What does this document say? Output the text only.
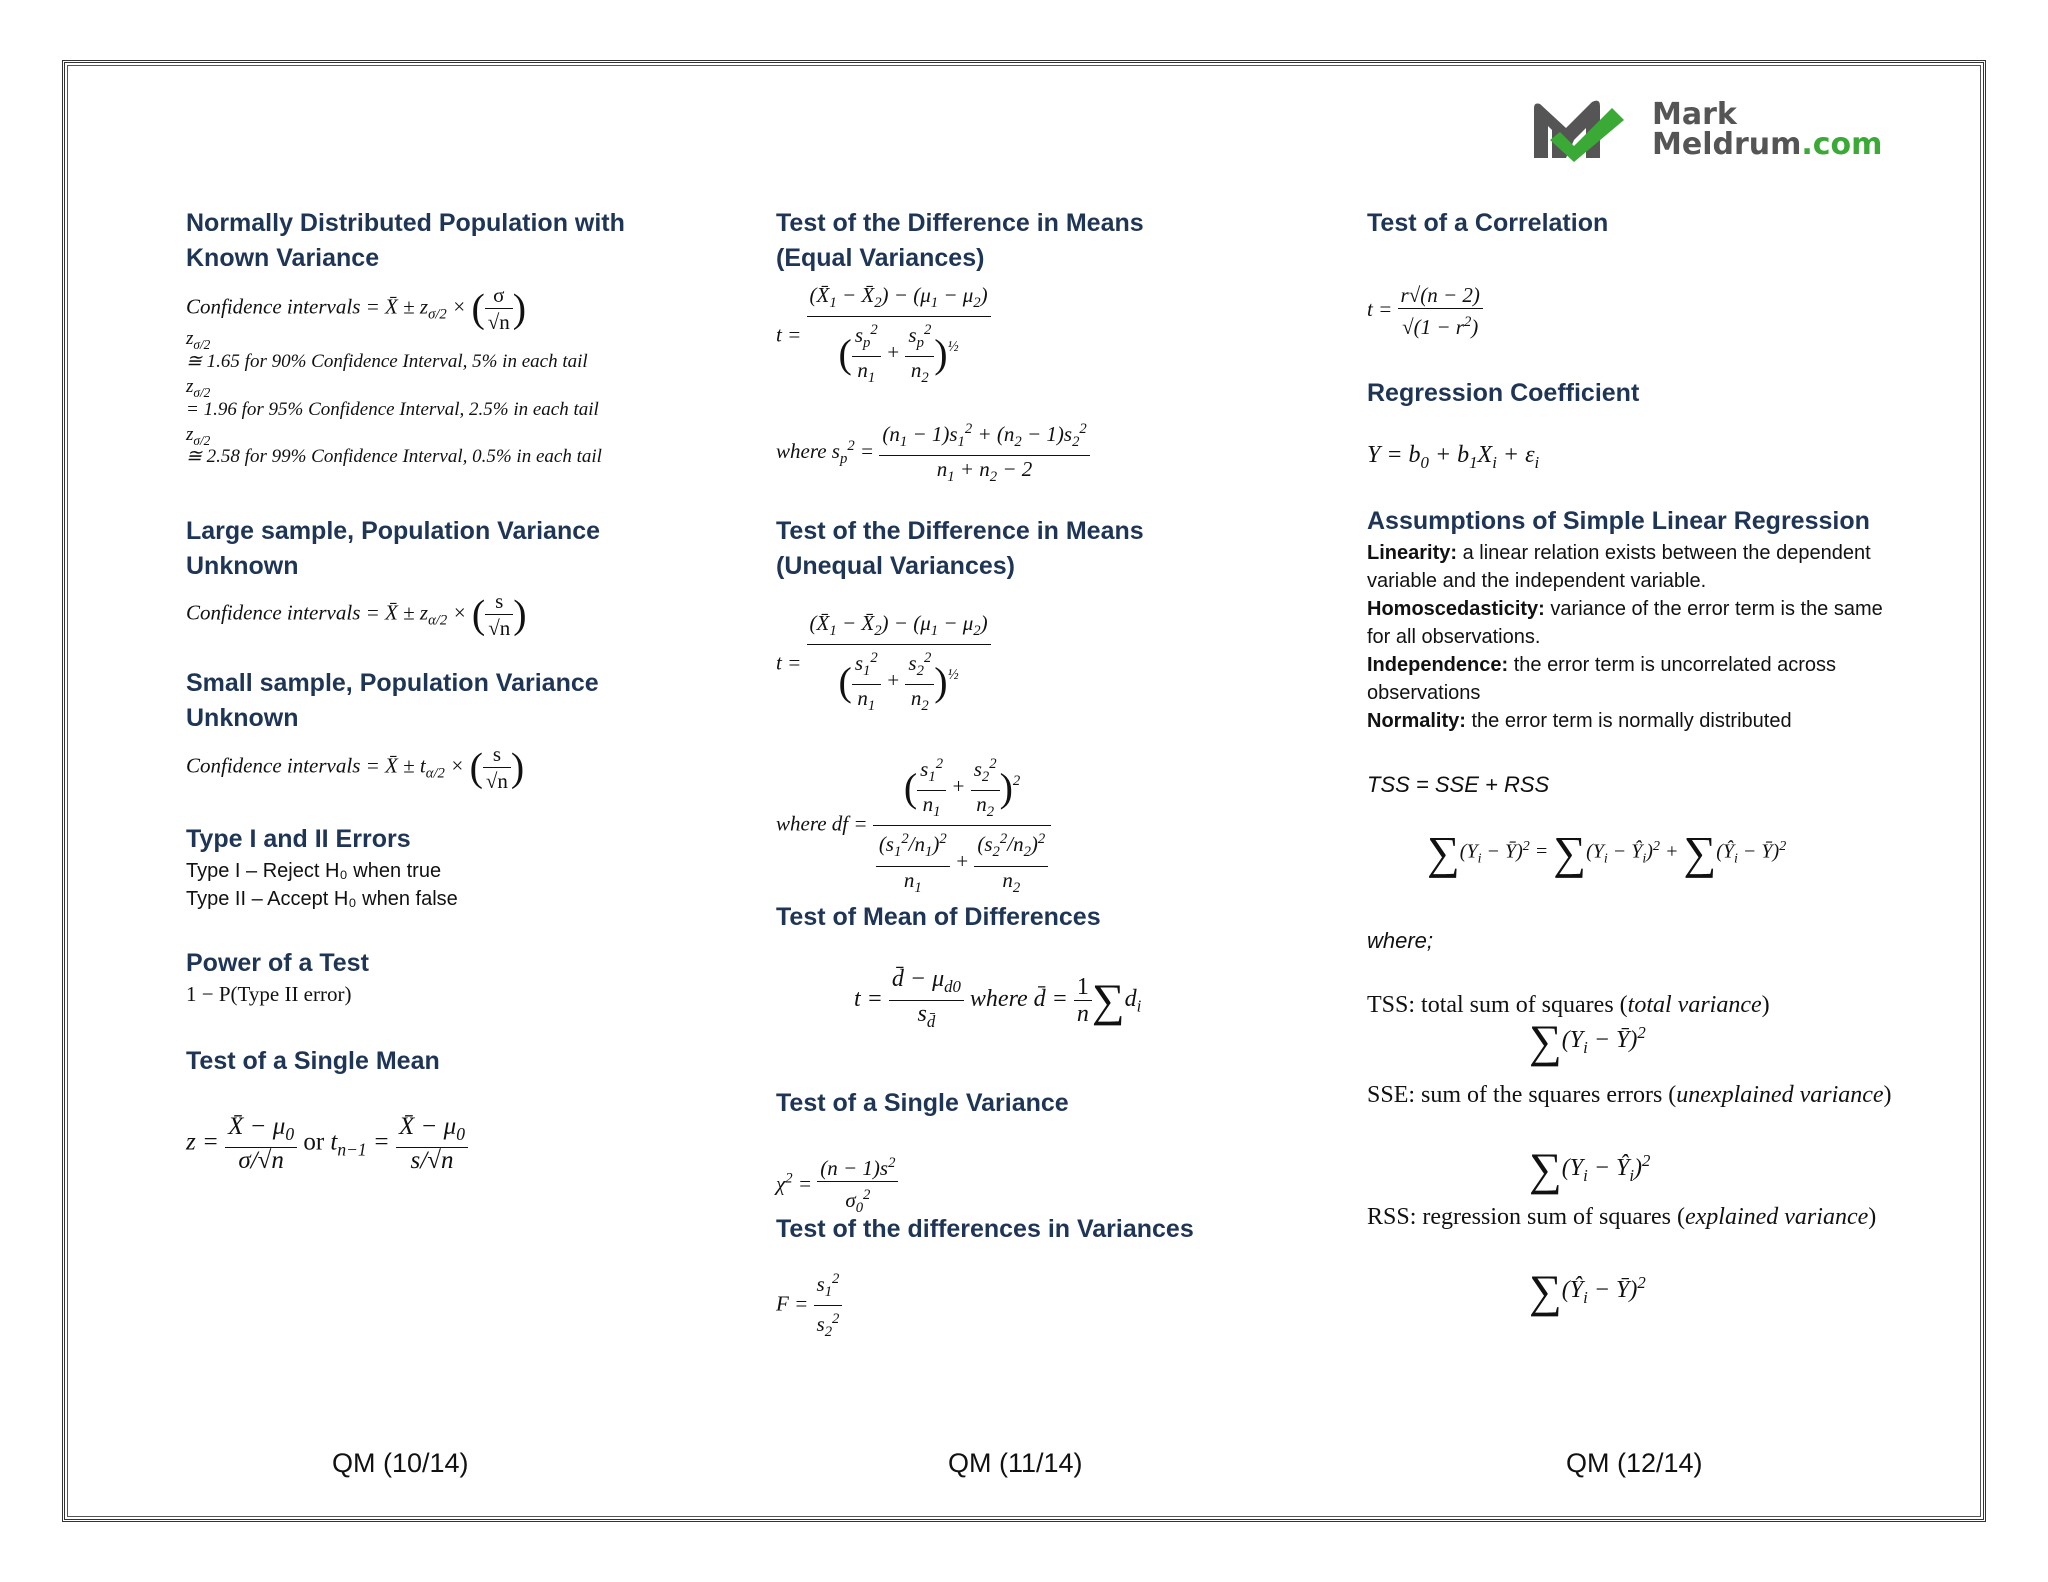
Mark
Meldrum.com

Normally Distributed Population with Known Variance

Confidence intervals = X̄ ± $z_{\sigma/2}$ × ( $\frac{\sigma}{√n}$ )
$z_{\sigma/2}$
≅ 1.65 for 90% Confidence Interval, 5% in each tail
$z_{\sigma/2}$
= 1.96 for 95% Confidence Interval, 2.5% in each tail
$z_{\sigma/2}$
≅ 2.58 for 99% Confidence Interval, 0.5% in each tail

Large sample, Population Variance Unknown

Confidence intervals = X̄ ± $z_{\alpha/2}$ × ( $\frac{s}{√n}$ )

Small sample, Population Variance Unknown

Confidence intervals = X̄ ± $t_{\alpha/2}$ × ( $\frac{s}{√n}$ )

Type I and II Errors

Type I – Reject H₀ when true
Type II – Accept H₀ when false

Power of a Test

1 − P(Type II error)

Test of a Single Mean

$z = \frac{X̄ - \mu_0}{\sigma/√n}$ or $t_{n-1} = \frac{X̄ - \mu_0}{s/√n}$

Test of the Difference in Means (Equal Variances)

$t = \frac{(X̄_1 - X̄_2) - (\mu_1 - \mu_2)}{( \frac{s_p^2}{n_1} + \frac{s_p^2}{n_2} )^{\frac{1}{2}}}$
where $s_p^2 = \frac{(n_1 - 1)s_1^2 + (n_2 - 1)s_2^2}{n_1 + n_2 - 2}$

Test of the Difference in Means (Unequal Variances)

$t = \frac{(X̄_1 - X̄_2) - (\mu_1 - \mu_2)}{( \frac{s_1^2}{n_1} + \frac{s_2^2}{n_2} )^{\frac{1}{2}}}$
where df = $\frac{( \frac{s_1^2}{n_1} + \frac{s_2^2}{n_2} )^2}{\frac{(s_1^2/n_1)^2}{n_1} + \frac{(s_2^2/n_2)^2}{n_2}}$

Test of Mean of Differences

$t = \frac{d̄ - \mu_{d0}}{s_{d̄}}$ where d̄ = $\frac{1}{n} \sum d_i$

Test of a Single Variance

$\chi^2 = \frac{(n - 1)s^2}{\sigma_0^2}$

Test of the differences in Variances

$F = \frac{s_1^2}{s_2^2}$

Test of a Correlation

$t = \frac{r√(n - 2)}{√(1 - r^2)}$

Regression Coefficient

$Y = b_0 + b_1X_i + \varepsilon_i$

Assumptions of Simple Linear Regression

Linearity: a linear relation exists between the dependent variable and the independent variable.
Homoscedasticity: variance of the error term is the same for all observations.
Independence: the error term is uncorrelated across observations
Normality: the error term is normally distributed
TSS = SSE + RSS
$\sum(Y_i$ − Ȳ)$^2$ = $\sum(Y_i$ − $Ŷ_i)^2$ + $\sum(Ŷ_i$ − Ȳ)$^2$
where;
TSS: total sum of squares (total variance)
$\sum(Y_i$ − Ȳ)$^2$
SSE: sum of the squares errors (unexplained variance)
$\sum(Y_i$ − $Ŷ_i)^2$
RSS: regression sum of squares (explained variance)
$\sum(Ŷ_i$ − Ȳ)$^2$
QM (10/14)	QM (11/14)	QM (12/14)
